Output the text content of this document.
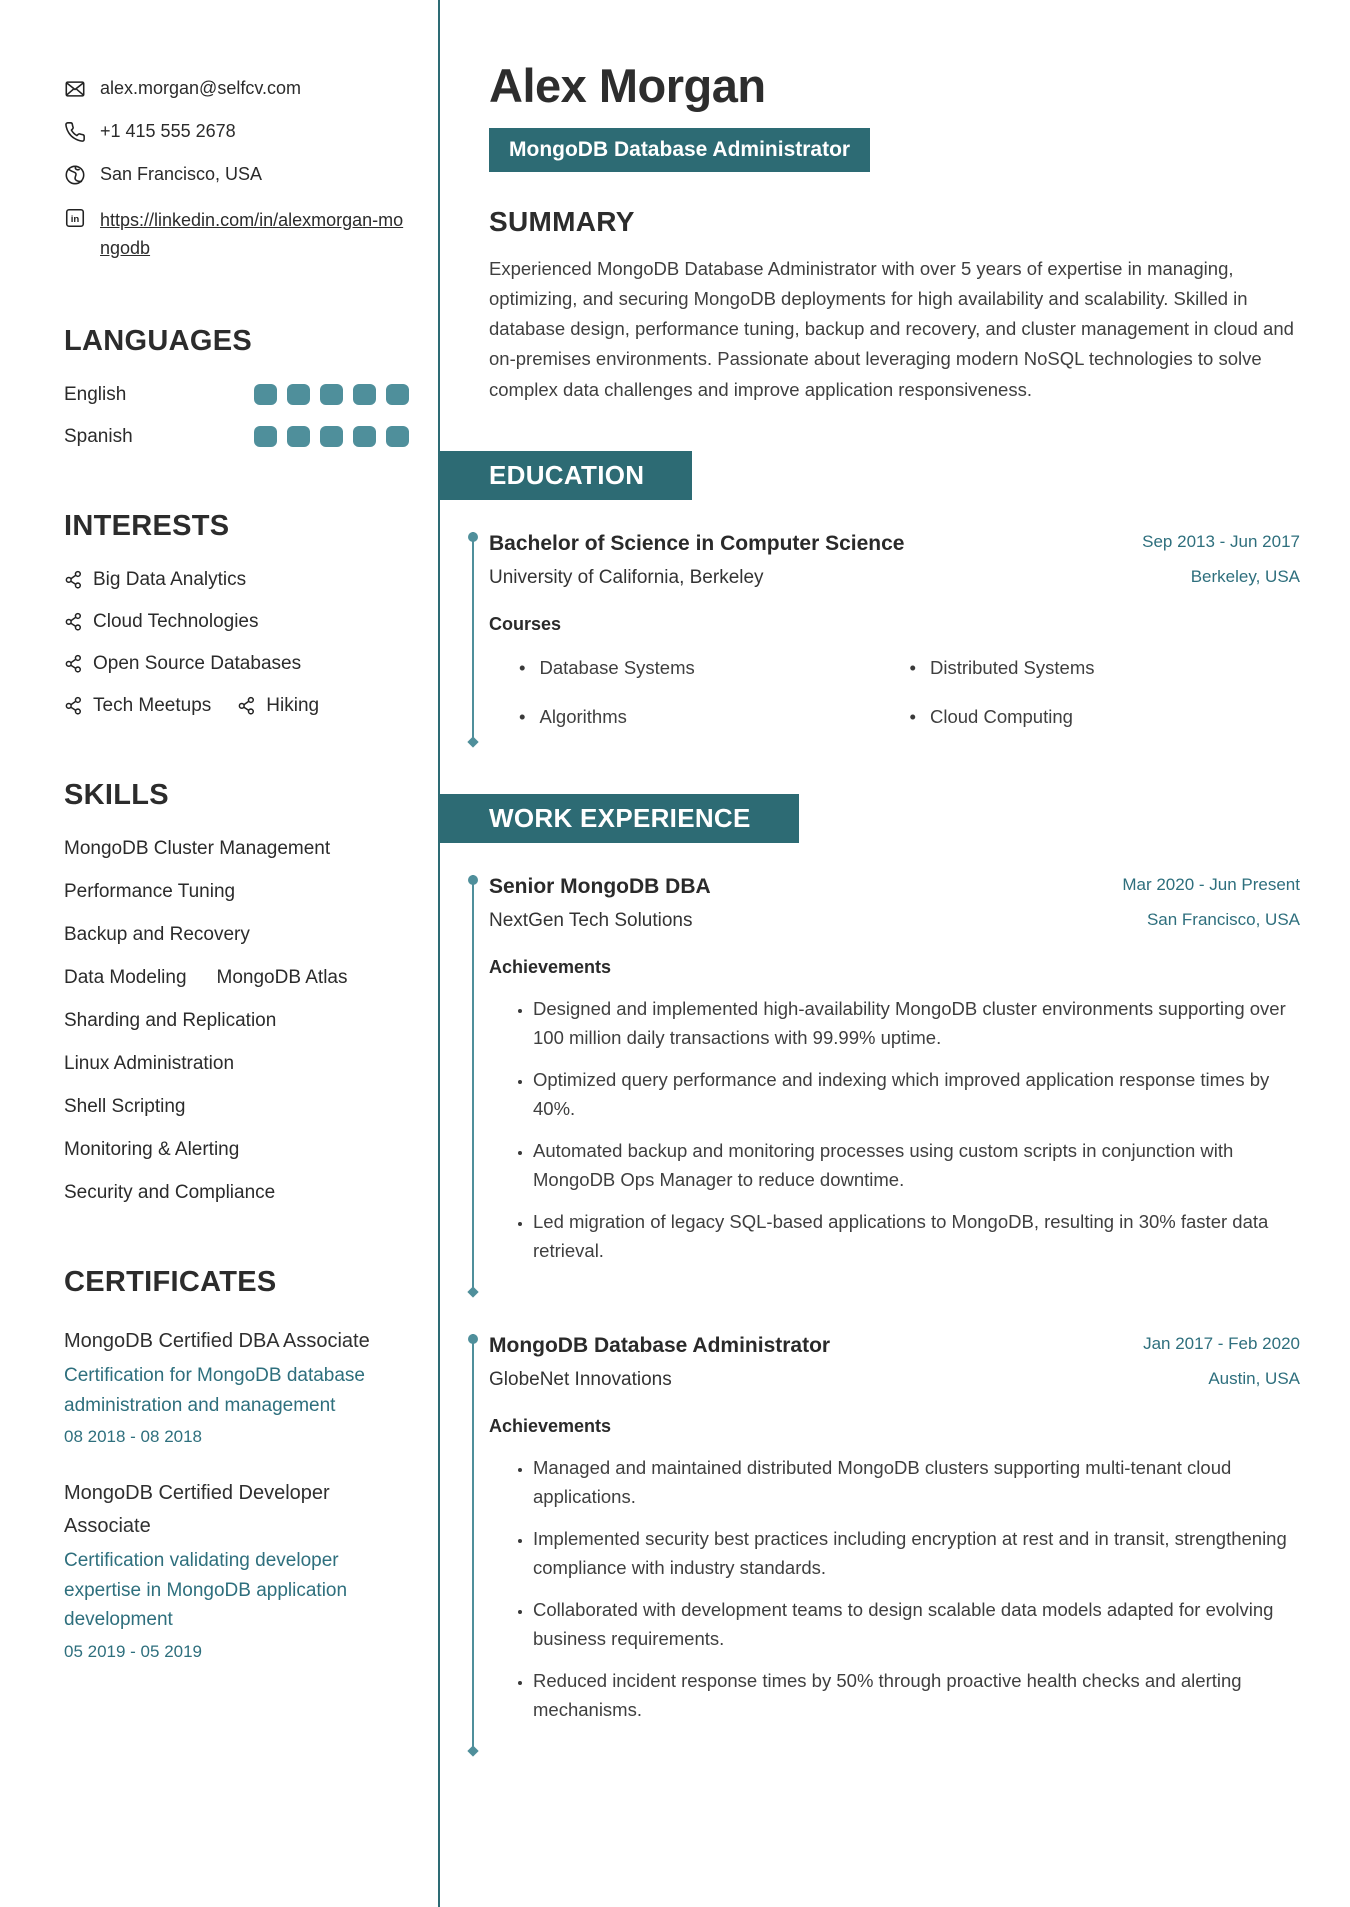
alex.morgan@selfcv.com
+1 415 555 2678
San Francisco, USA
in https://linkedin.com/in/alexmorgan-mongodb
LANGUAGES
English
Spanish
INTERESTS
Big Data Analytics
Cloud Technologies
Open Source Databases
Tech Meetups	Hiking
SKILLS
MongoDB Cluster Management
Performance Tuning
Backup and Recovery
Data Modeling MongoDB Atlas
Sharding and Replication
Linux Administration
Shell Scripting
Monitoring & Alerting
Security and Compliance
CERTIFICATES
MongoDB Certified DBA Associate
Certification for MongoDB database administration and management
08 2018 - 08 2018
MongoDB Certified Developer Associate
Certification validating developer expertise in MongoDB application development
05 2019 - 05 2019
Alex Morgan
MongoDB Database Administrator
SUMMARY

Experienced MongoDB Database Administrator with over 5 years of expertise in managing, optimizing, and securing MongoDB deployments for high availability and scalability. Skilled in database design, performance tuning, backup and recovery, and cluster management in cloud and on-premises environments. Passionate about leveraging modern NoSQL technologies to solve complex data challenges and improve application responsiveness.

EDUCATION
Bachelor of Science in Computer Science
University of California, Berkeley
Sep 2013 - Jun 2017
Berkeley, USA
Courses
• Database Systems	• Distributed Systems
• Algorithms	• Cloud Computing
WORK EXPERIENCE
Senior MongoDB DBA
NextGen Tech Solutions
Mar 2020 - Jun Present
San Francisco, USA
Achievements
• Designed and implemented high-availability MongoDB cluster environments supporting over 100 million daily transactions with 99.99% uptime.
• Optimized query performance and indexing which improved application response times by 40%.
• Automated backup and monitoring processes using custom scripts in conjunction with MongoDB Ops Manager to reduce downtime.
• Led migration of legacy SQL-based applications to MongoDB, resulting in 30% faster data retrieval.
MongoDB Database Administrator
GlobeNet Innovations
Jan 2017 - Feb 2020
Austin, USA
Achievements
• Managed and maintained distributed MongoDB clusters supporting multi-tenant cloud applications.
• Implemented security best practices including encryption at rest and in transit, strengthening compliance with industry standards.
• Collaborated with development teams to design scalable data models adapted for evolving business requirements.
• Reduced incident response times by 50% through proactive health checks and alerting mechanisms.
